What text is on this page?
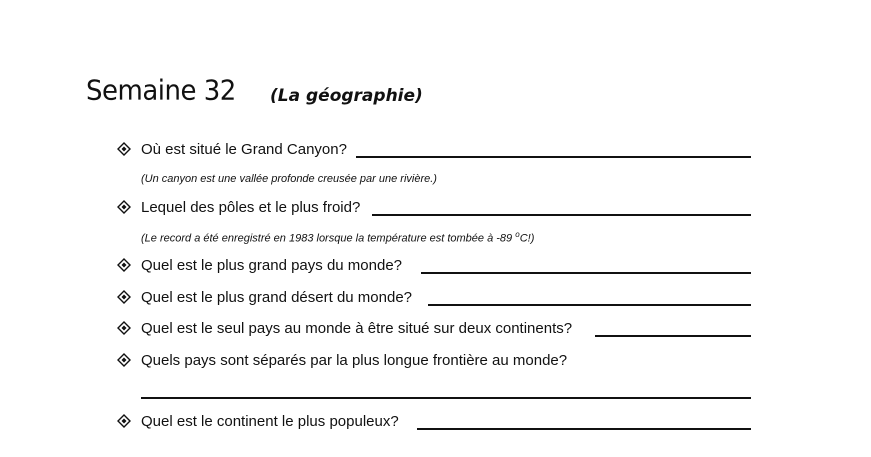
Semaine 32 (La géographie)
Où est situé le Grand Canyon?
(Un canyon est une vallée profonde creusée par une rivière.)
Lequel des pôles et le plus froid?
(Le record a été enregistré en 1983 lorsque la température est tombée à -89 $^o$C!)
Quel est le plus grand pays du monde?
Quel est le plus grand désert du monde?
Quel est le seul pays au monde à être situé sur deux continents?
Quels pays sont séparés par la plus longue frontière au monde?
Quel est le continent le plus populeux?
